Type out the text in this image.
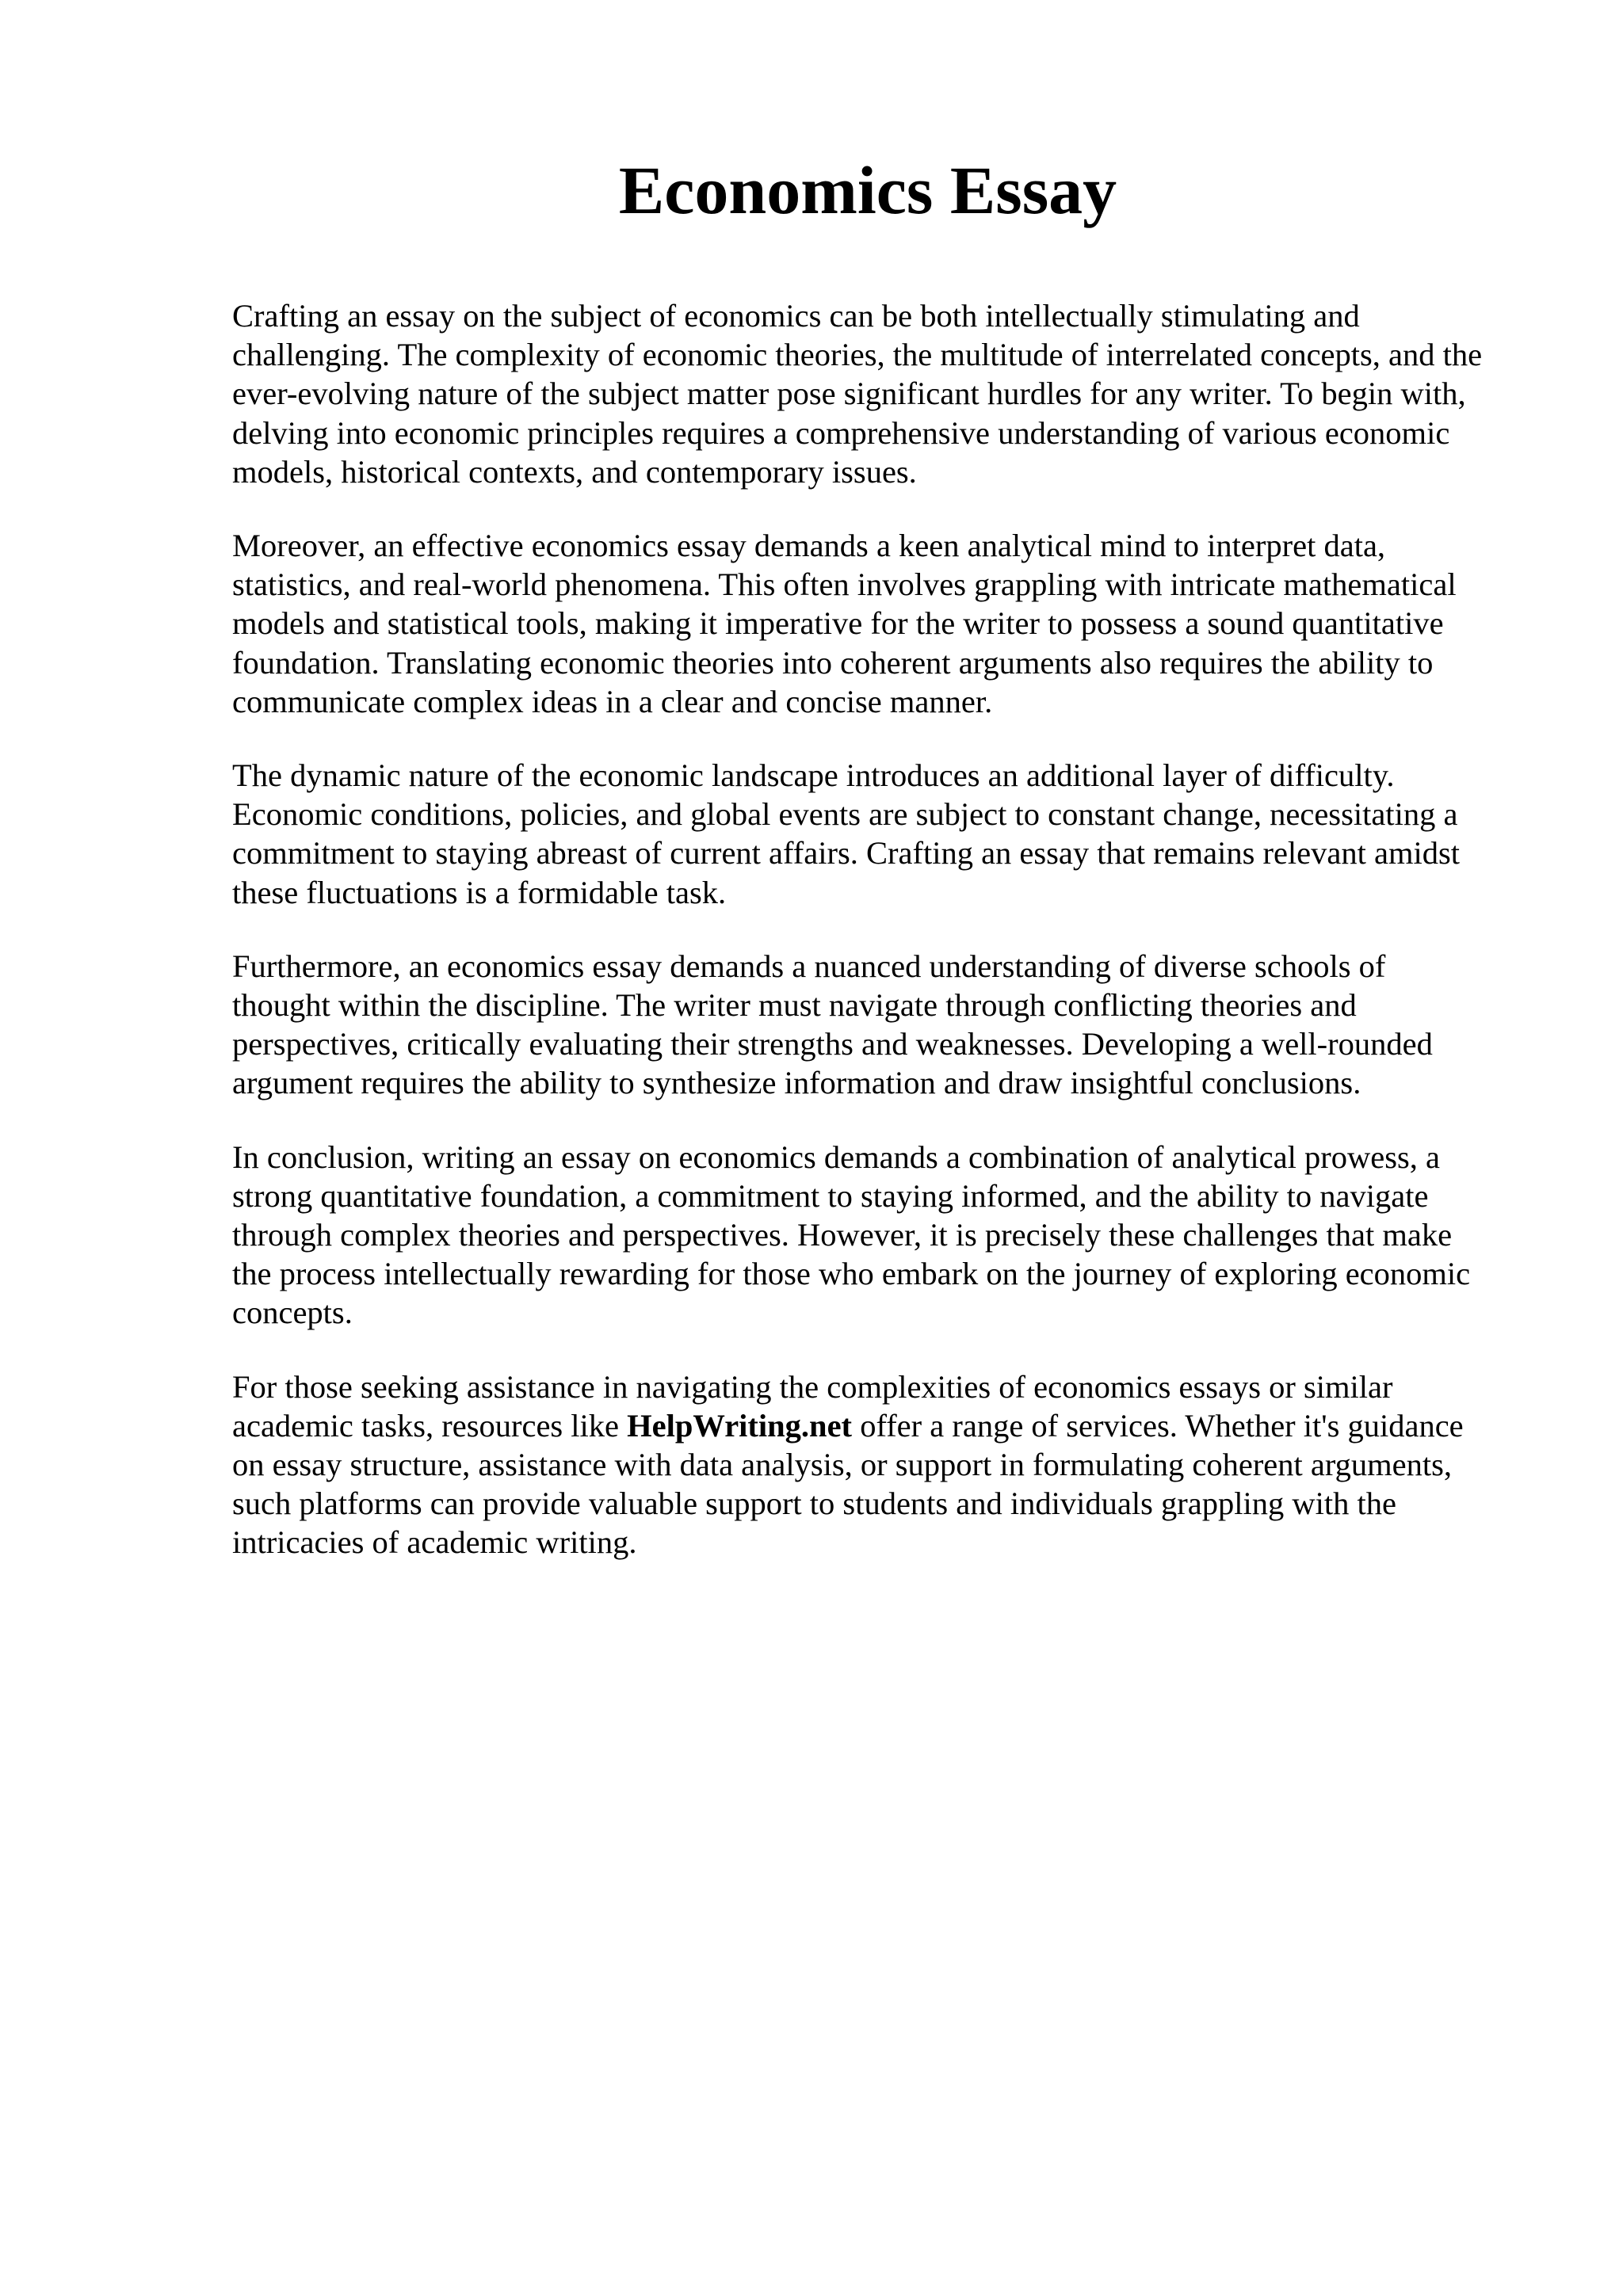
Economics Essay

Crafting an essay on the subject of economics can be both intellectually stimulating and
challenging. The complexity of economic theories, the multitude of interrelated concepts, and the
ever-evolving nature of the subject matter pose significant hurdles for any writer. To begin with,
delving into economic principles requires a comprehensive understanding of various economic
models, historical contexts, and contemporary issues.

Moreover, an effective economics essay demands a keen analytical mind to interpret data,
statistics, and real-world phenomena. This often involves grappling with intricate mathematical
models and statistical tools, making it imperative for the writer to possess a sound quantitative
foundation. Translating economic theories into coherent arguments also requires the ability to
communicate complex ideas in a clear and concise manner.

The dynamic nature of the economic landscape introduces an additional layer of difficulty.
Economic conditions, policies, and global events are subject to constant change, necessitating a
commitment to staying abreast of current affairs. Crafting an essay that remains relevant amidst
these fluctuations is a formidable task.

Furthermore, an economics essay demands a nuanced understanding of diverse schools of
thought within the discipline. The writer must navigate through conflicting theories and
perspectives, critically evaluating their strengths and weaknesses. Developing a well-rounded
argument requires the ability to synthesize information and draw insightful conclusions.

In conclusion, writing an essay on economics demands a combination of analytical prowess, a
strong quantitative foundation, a commitment to staying informed, and the ability to navigate
through complex theories and perspectives. However, it is precisely these challenges that make
the process intellectually rewarding for those who embark on the journey of exploring economic
concepts.

For those seeking assistance in navigating the complexities of economics essays or similar
academic tasks, resources like HelpWriting.net offer a range of services. Whether it's guidance
on essay structure, assistance with data analysis, or support in formulating coherent arguments,
such platforms can provide valuable support to students and individuals grappling with the
intricacies of academic writing.
